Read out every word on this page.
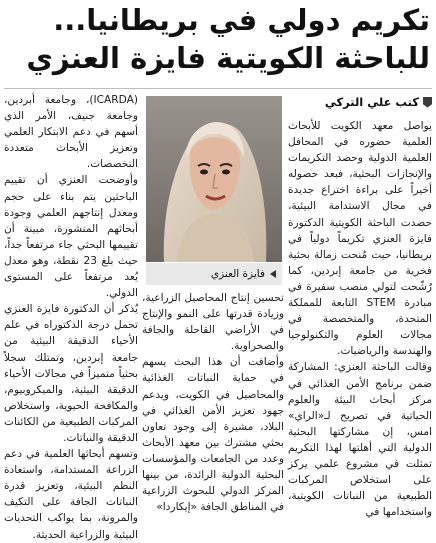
تكريم دولي في بريطانيا...
للباحثة الكويتية فايزة العنزي
كتب علي التركي
فايزة العنزي

يواصل معهد الكويت للأبحاث العلمية حضوره في المحافل العلمية الدولية وحصد التكريمات والإنجازات البحثية، فبعد حصوله أخيراً على براءة اختراع جديدة في مجال الاستدامة البيئية، حصدت الباحثة الكويتية الدكتورة فايزة العنزي تكريماً دولياً في بريطانيا، حيث مُنحت زمالة بحثية فخرية من جامعة إبردين، كما رُشّحت لتولي منصب سفيرة في مبادرة STEM التابعة للمملكة المتحدة، والمتخصصة في مجالات العلوم والتكنولوجيا والهندسة والرياضيات.

وقالت الباحثة العنزي: المشاركة ضمن برنامج الأمن الغذائي في مركز أبحاث البيئة والعلوم الحياتية في تصريح لـ«الراي» امس، إن مشاركتها البحثية الدولية التي أهلتها لهذا التكريم تمثلت في مشروع علمي يركز على استخلاص المركبات الطبيعية من النباتات الكويتية، واستخدامها في

تحسين إنتاج المحاصيل الزراعية، وزيادة قدرتها على النمو والإنتاج في الأراضي القاحلة والجافة والصحراوية.

وأضافت أن هذا البحث يسهم في حماية النباتات الغذائية والمحاصيل في الكويت، ويدعم جهود تعزيز الأمن الغذائي في البلاد، مشيرة إلى وجود تعاون بحثي مشترك بين معهد الأبحاث وعدد من الجامعات والمؤسسات البحثية الدولية الرائدة، من بينها المركز الدولي للبحوث الزراعية في المناطق الجافة «إيكاردا»

(ICARDA)، وجامعة أبردين، وجامعة جنيف، الأمر الذي أسهم في دعم الابتكار العلمي وتعزيز الأبحاث متعددة التخصصات.

وأوضحت العنزي أن تقييم الباحثين يتم بناء على حجم ومعدل إنتاجهم العلمي وجودة أبحاثهم المنشورة، مبينة أن تقييمها البحثي جاء مرتفعاً جداً، حيث بلغ 23 نقطة، وهو معدل يُعد مرتفعاً على المستوى الدولي.

يُذكر أن الدكتورة فايزة العنزي تحمل درجة الدكتوراه في علم الأحياء الدقيقة البيئية من جامعة إبردين، وتمتلك سجلاً بحثياً متميزاً في مجالات الأحياء الدقيقة البيئية، والميكروبيوم، والمكافحة الحيوية، واستخلاص المركبات الطبيعية من الكائنات الدقيقة والنباتات.

وتسهم أبحاثها العلمية في دعم الزراعة المستدامة، واستعادة النظم البيئية، وتعزيز قدرة النباتات الجافة على التكيف والمرونة، بما يواكب التحديات البيئية والزراعية الحديثة.
